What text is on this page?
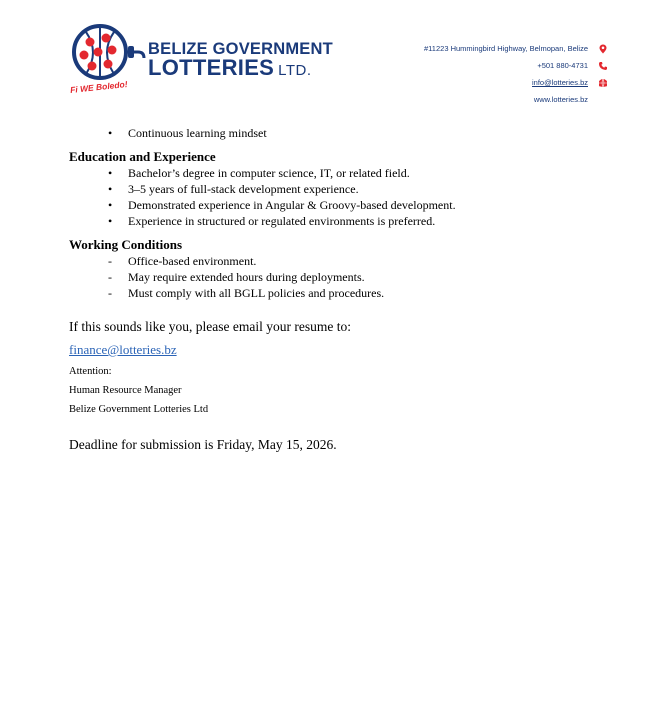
BELIZE GOVERNMENT
LOTTERIES LTD.
Fi WE Boledo!
#11223 Hummingbird Highway, Belmopan, Belize
+501 880-4731
info@lotteries.bz
www.lotteries.bz
• Continuous learning mindset
Education and Experience
• Bachelor’s degree in computer science, IT, or related field.
• 3–5 years of full-stack development experience.
• Demonstrated experience in Angular & Groovy-based development.
• Experience in structured or regulated environments is preferred.
Working Conditions
- Office-based environment.
- May require extended hours during deployments.
- Must comply with all BGLL policies and procedures.
If this sounds like you, please email your resume to:
finance@lotteries.bz
Attention:
Human Resource Manager
Belize Government Lotteries Ltd
Deadline for submission is Friday, May 15, 2026.
